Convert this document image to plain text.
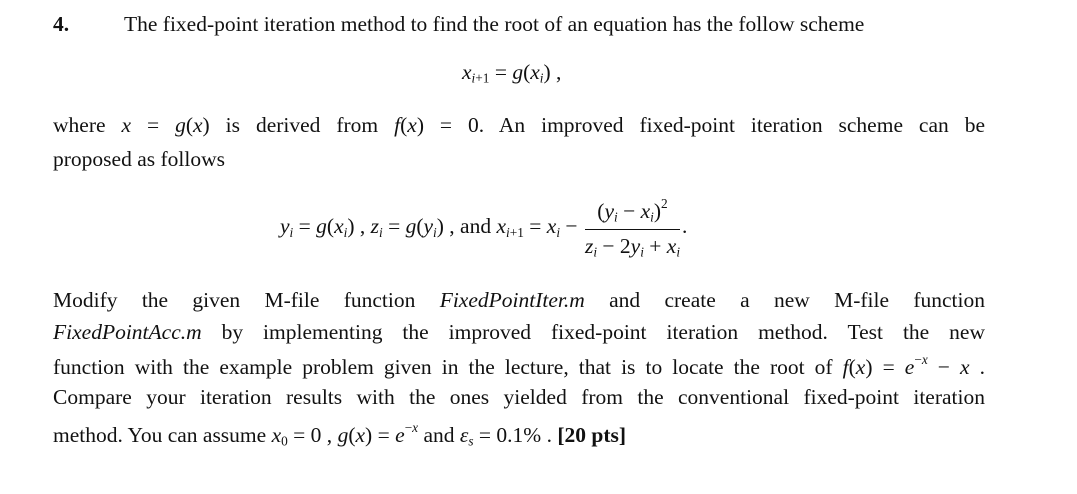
4.	The fixed-point iteration method to find the root of an equation has the follow scheme
$x_{i+1} = g(x_i)$ ,
where x = g(x) is derived from f(x) = 0. An improved fixed-point iteration scheme can be
proposed as follows
$y_i = g(x_i)$ , $z_i = g(y_i)$ , and $x_{i+1} = x_i - \frac{(y_i - x_i)^2}{z_i - 2y_i + x_i}$ .
Modify the given M-file function FixedPointIter.m and create a new M-file function
FixedPointAcc.m by implementing the improved fixed-point iteration method. Test the new
function with the example problem given in the lecture, that is to locate the root of $f(x) = e^{-x} - x$ .
Compare your iteration results with the ones yielded from the conventional fixed-point iteration
method. You can assume $x_0 = 0$ , $g(x) = e^{-x}$ and $\varepsilon_s = 0.1\%$ . [20 pts]
